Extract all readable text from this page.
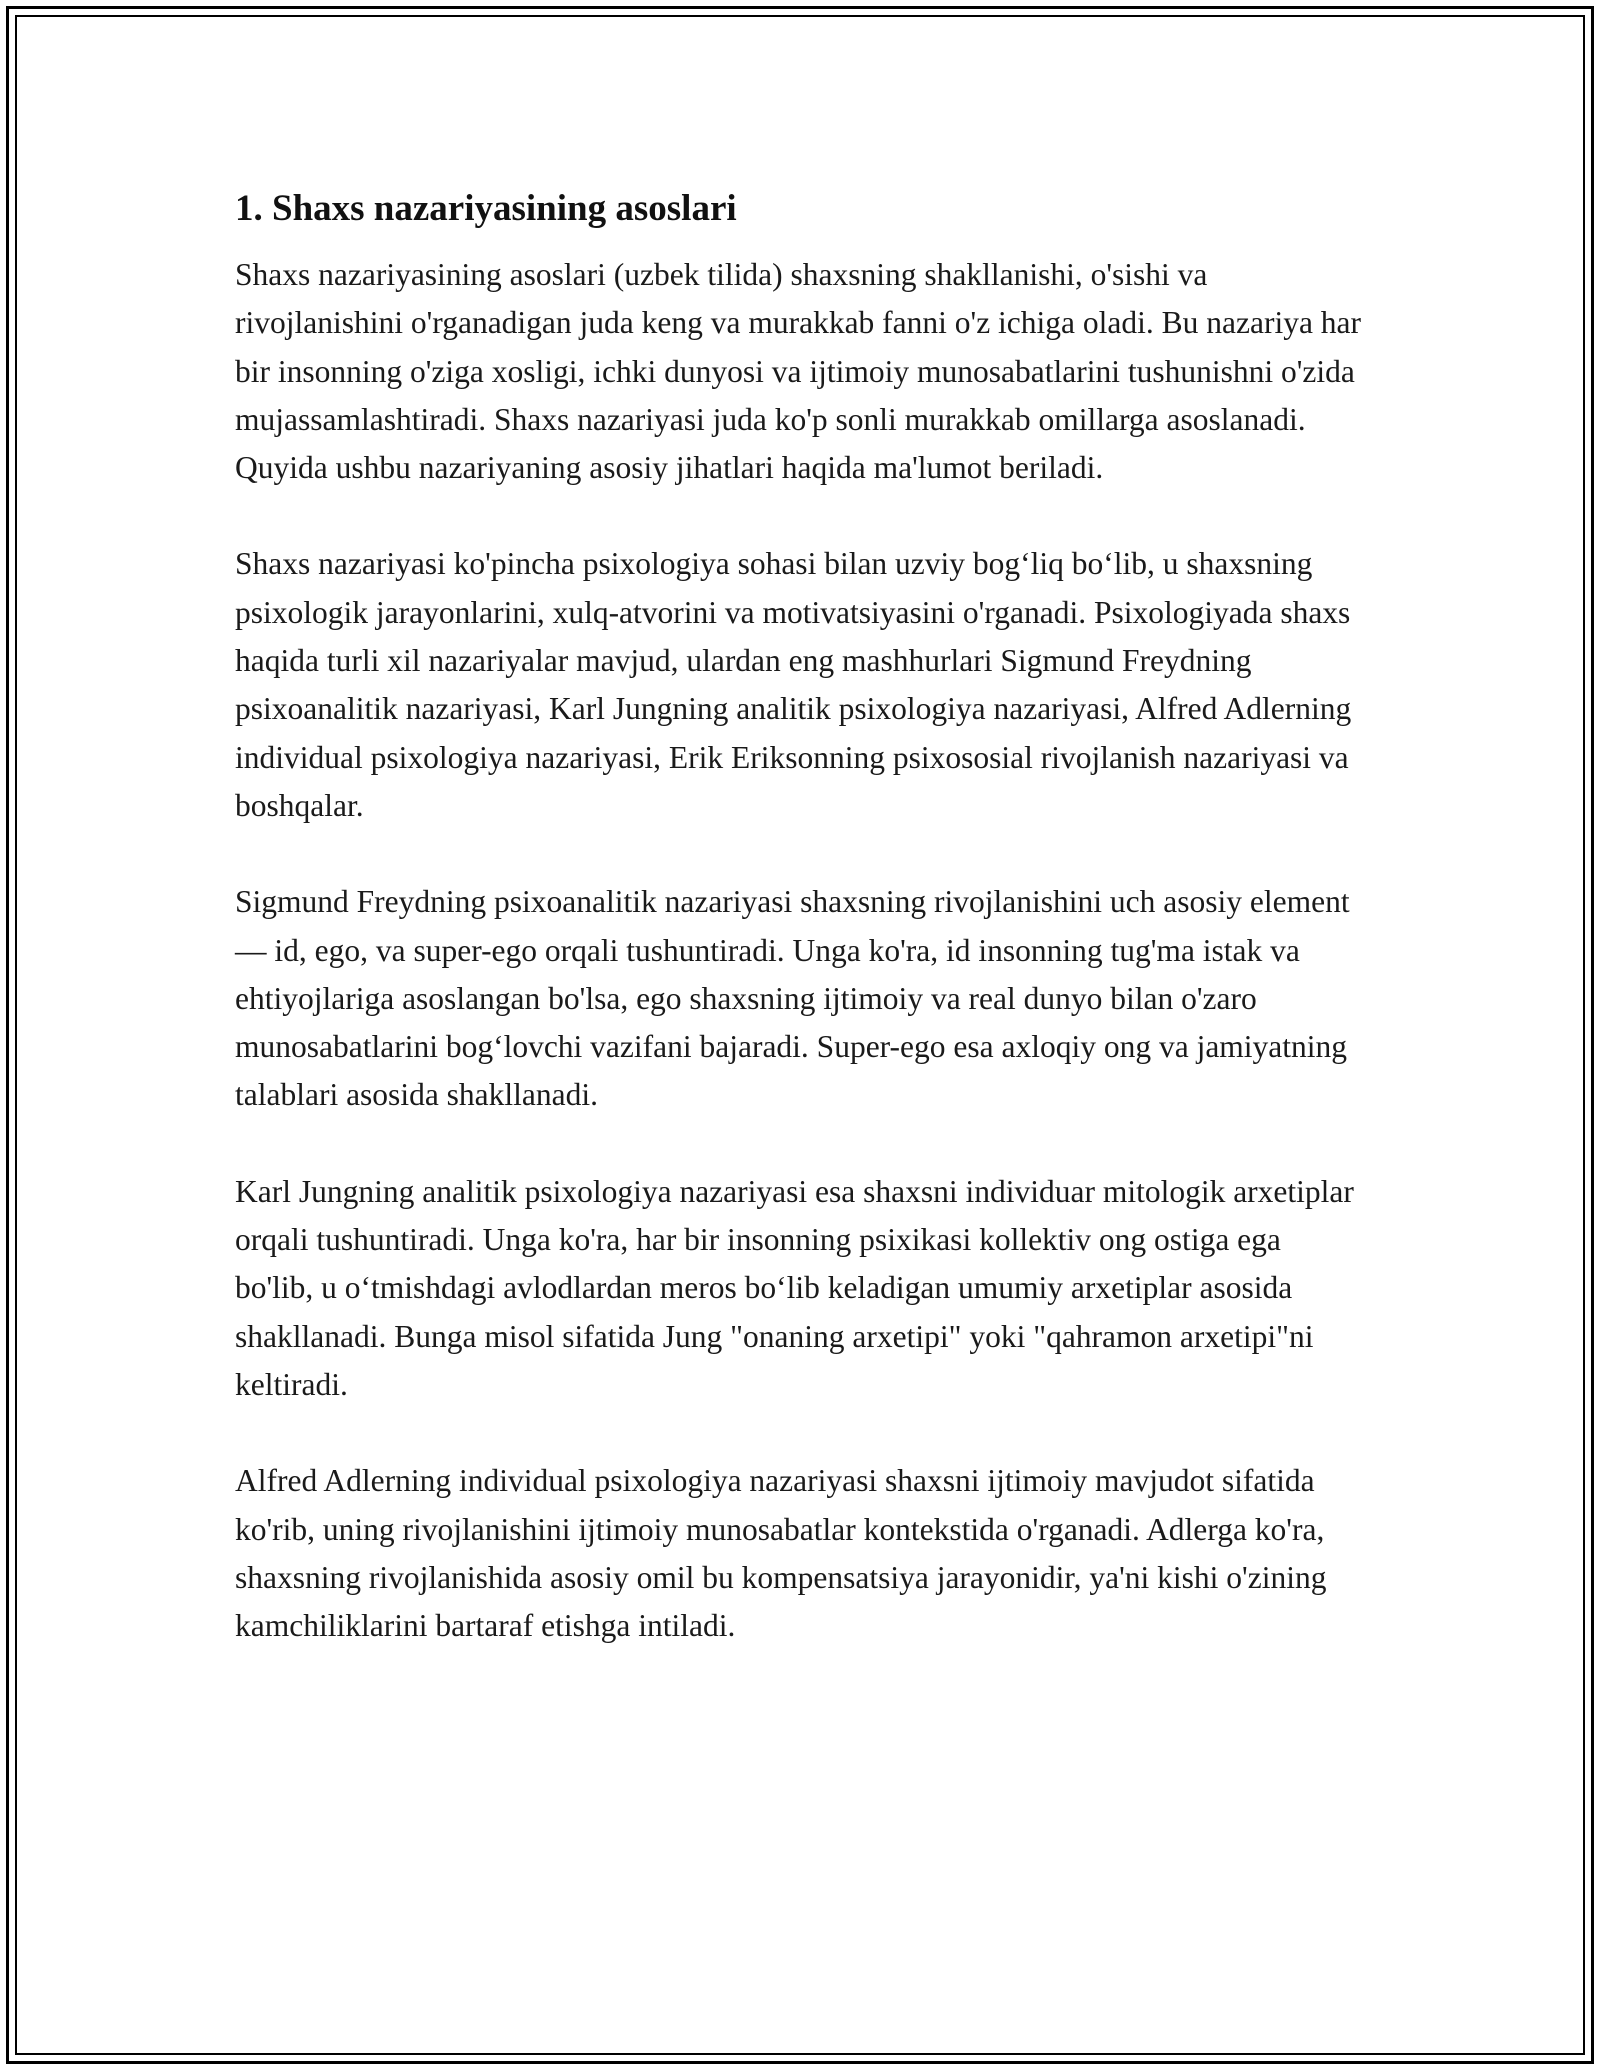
1. Shaxs nazariyasining asoslari

Shaxs nazariyasining asoslari (uzbek tilida) shaxsning shakllanishi, o'sishi va rivojlanishini o'rganadigan juda keng va murakkab fanni o'z ichiga oladi. Bu nazariya har bir insonning o'ziga xosligi, ichki dunyosi va ijtimoiy munosabatlarini tushunishni o'zida mujassamlashtiradi. Shaxs nazariyasi juda ko'p sonli murakkab omillarga asoslanadi. Quyida ushbu nazariyaning asosiy jihatlari haqida ma'lumot beriladi.

Shaxs nazariyasi ko'pincha psixologiya sohasi bilan uzviy bog‘liq bo‘lib, u shaxsning psixologik jarayonlarini, xulq-atvorini va motivatsiyasini o'rganadi. Psixologiyada shaxs haqida turli xil nazariyalar mavjud, ulardan eng mashhurlari Sigmund Freydning psixoanalitik nazariyasi, Karl Jungning analitik psixologiya nazariyasi, Alfred Adlerning individual psixologiya nazariyasi, Erik Eriksonning psixososial rivojlanish nazariyasi va boshqalar.

Sigmund Freydning psixoanalitik nazariyasi shaxsning rivojlanishini uch asosiy element — id, ego, va super-ego orqali tushuntiradi. Unga ko'ra, id insonning tug'ma istak va ehtiyojlariga asoslangan bo'lsa, ego shaxsning ijtimoiy va real dunyo bilan o'zaro munosabatlarini bog‘lovchi vazifani bajaradi. Super-ego esa axloqiy ong va jamiyatning talablari asosida shakllanadi.

Karl Jungning analitik psixologiya nazariyasi esa shaxsni individuar mitologik arxetiplar orqali tushuntiradi. Unga ko'ra, har bir insonning psixikasi kollektiv ong ostiga ega bo'lib, u o‘tmishdagi avlodlardan meros bo‘lib keladigan umumiy arxetiplar asosida shakllanadi. Bunga misol sifatida Jung "onaning arxetipi" yoki "qahramon arxetipi"ni keltiradi.

Alfred Adlerning individual psixologiya nazariyasi shaxsni ijtimoiy mavjudot sifatida ko'rib, uning rivojlanishini ijtimoiy munosabatlar kontekstida o'rganadi. Adlerga ko'ra, shaxsning rivojlanishida asosiy omil bu kompensatsiya jarayonidir, ya'ni kishi o'zining kamchiliklarini bartaraf etishga intiladi.
